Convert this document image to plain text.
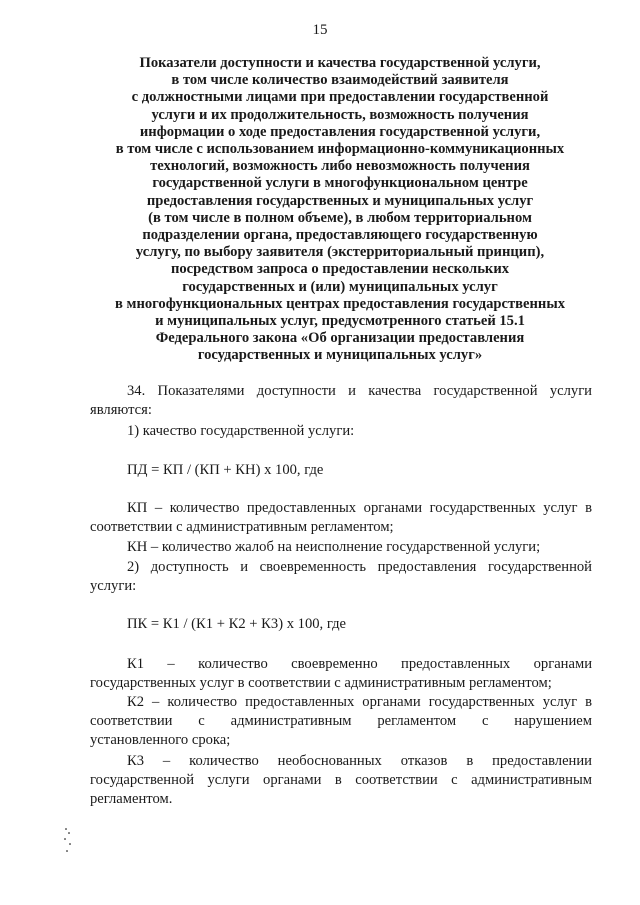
15
Показатели доступности и качества государственной услуги,
в том числе количество взаимодействий заявителя
с должностными лицами при предоставлении государственной
услуги и их продолжительность, возможность получения
информации о ходе предоставления государственной услуги,
в том числе с использованием информационно-коммуникационных
технологий, возможность либо невозможность получения
государственной услуги в многофункциональном центре
предоставления государственных и муниципальных услуг
(в том числе в полном объеме), в любом территориальном
подразделении органа, предоставляющего государственную
услугу, по выбору заявителя (экстерриториальный принцип),
посредством запроса о предоставлении нескольких
государственных и (или) муниципальных услуг
в многофункциональных центрах предоставления государственных
и муниципальных услуг, предусмотренного статьей 15.1
Федерального закона «Об организации предоставления
государственных и муниципальных услуг»

34. Показателями доступности и качества государственной услуги

являются:

1) качество государственной услуги:

ПД = КП / (КП + КН) х 100, где

КП – количество предоставленных органами государственных услуг в

соответствии с административным регламентом;

КН – количество жалоб на неисполнение государственной услуги;

2) доступность и своевременность предоставления государственной

услуги:

ПК = К1 / (К1 + К2 + К3) х 100, где

К1 – количество своевременно предоставленных органами

государственных услуг в соответствии с административным регламентом;

К2 – количество предоставленных органами государственных услуг в

соответствии с административным регламентом с нарушением

установленного срока;

К3 – количество необоснованных отказов в предоставлении

государственной услуги органами в соответствии с административным

регламентом.
